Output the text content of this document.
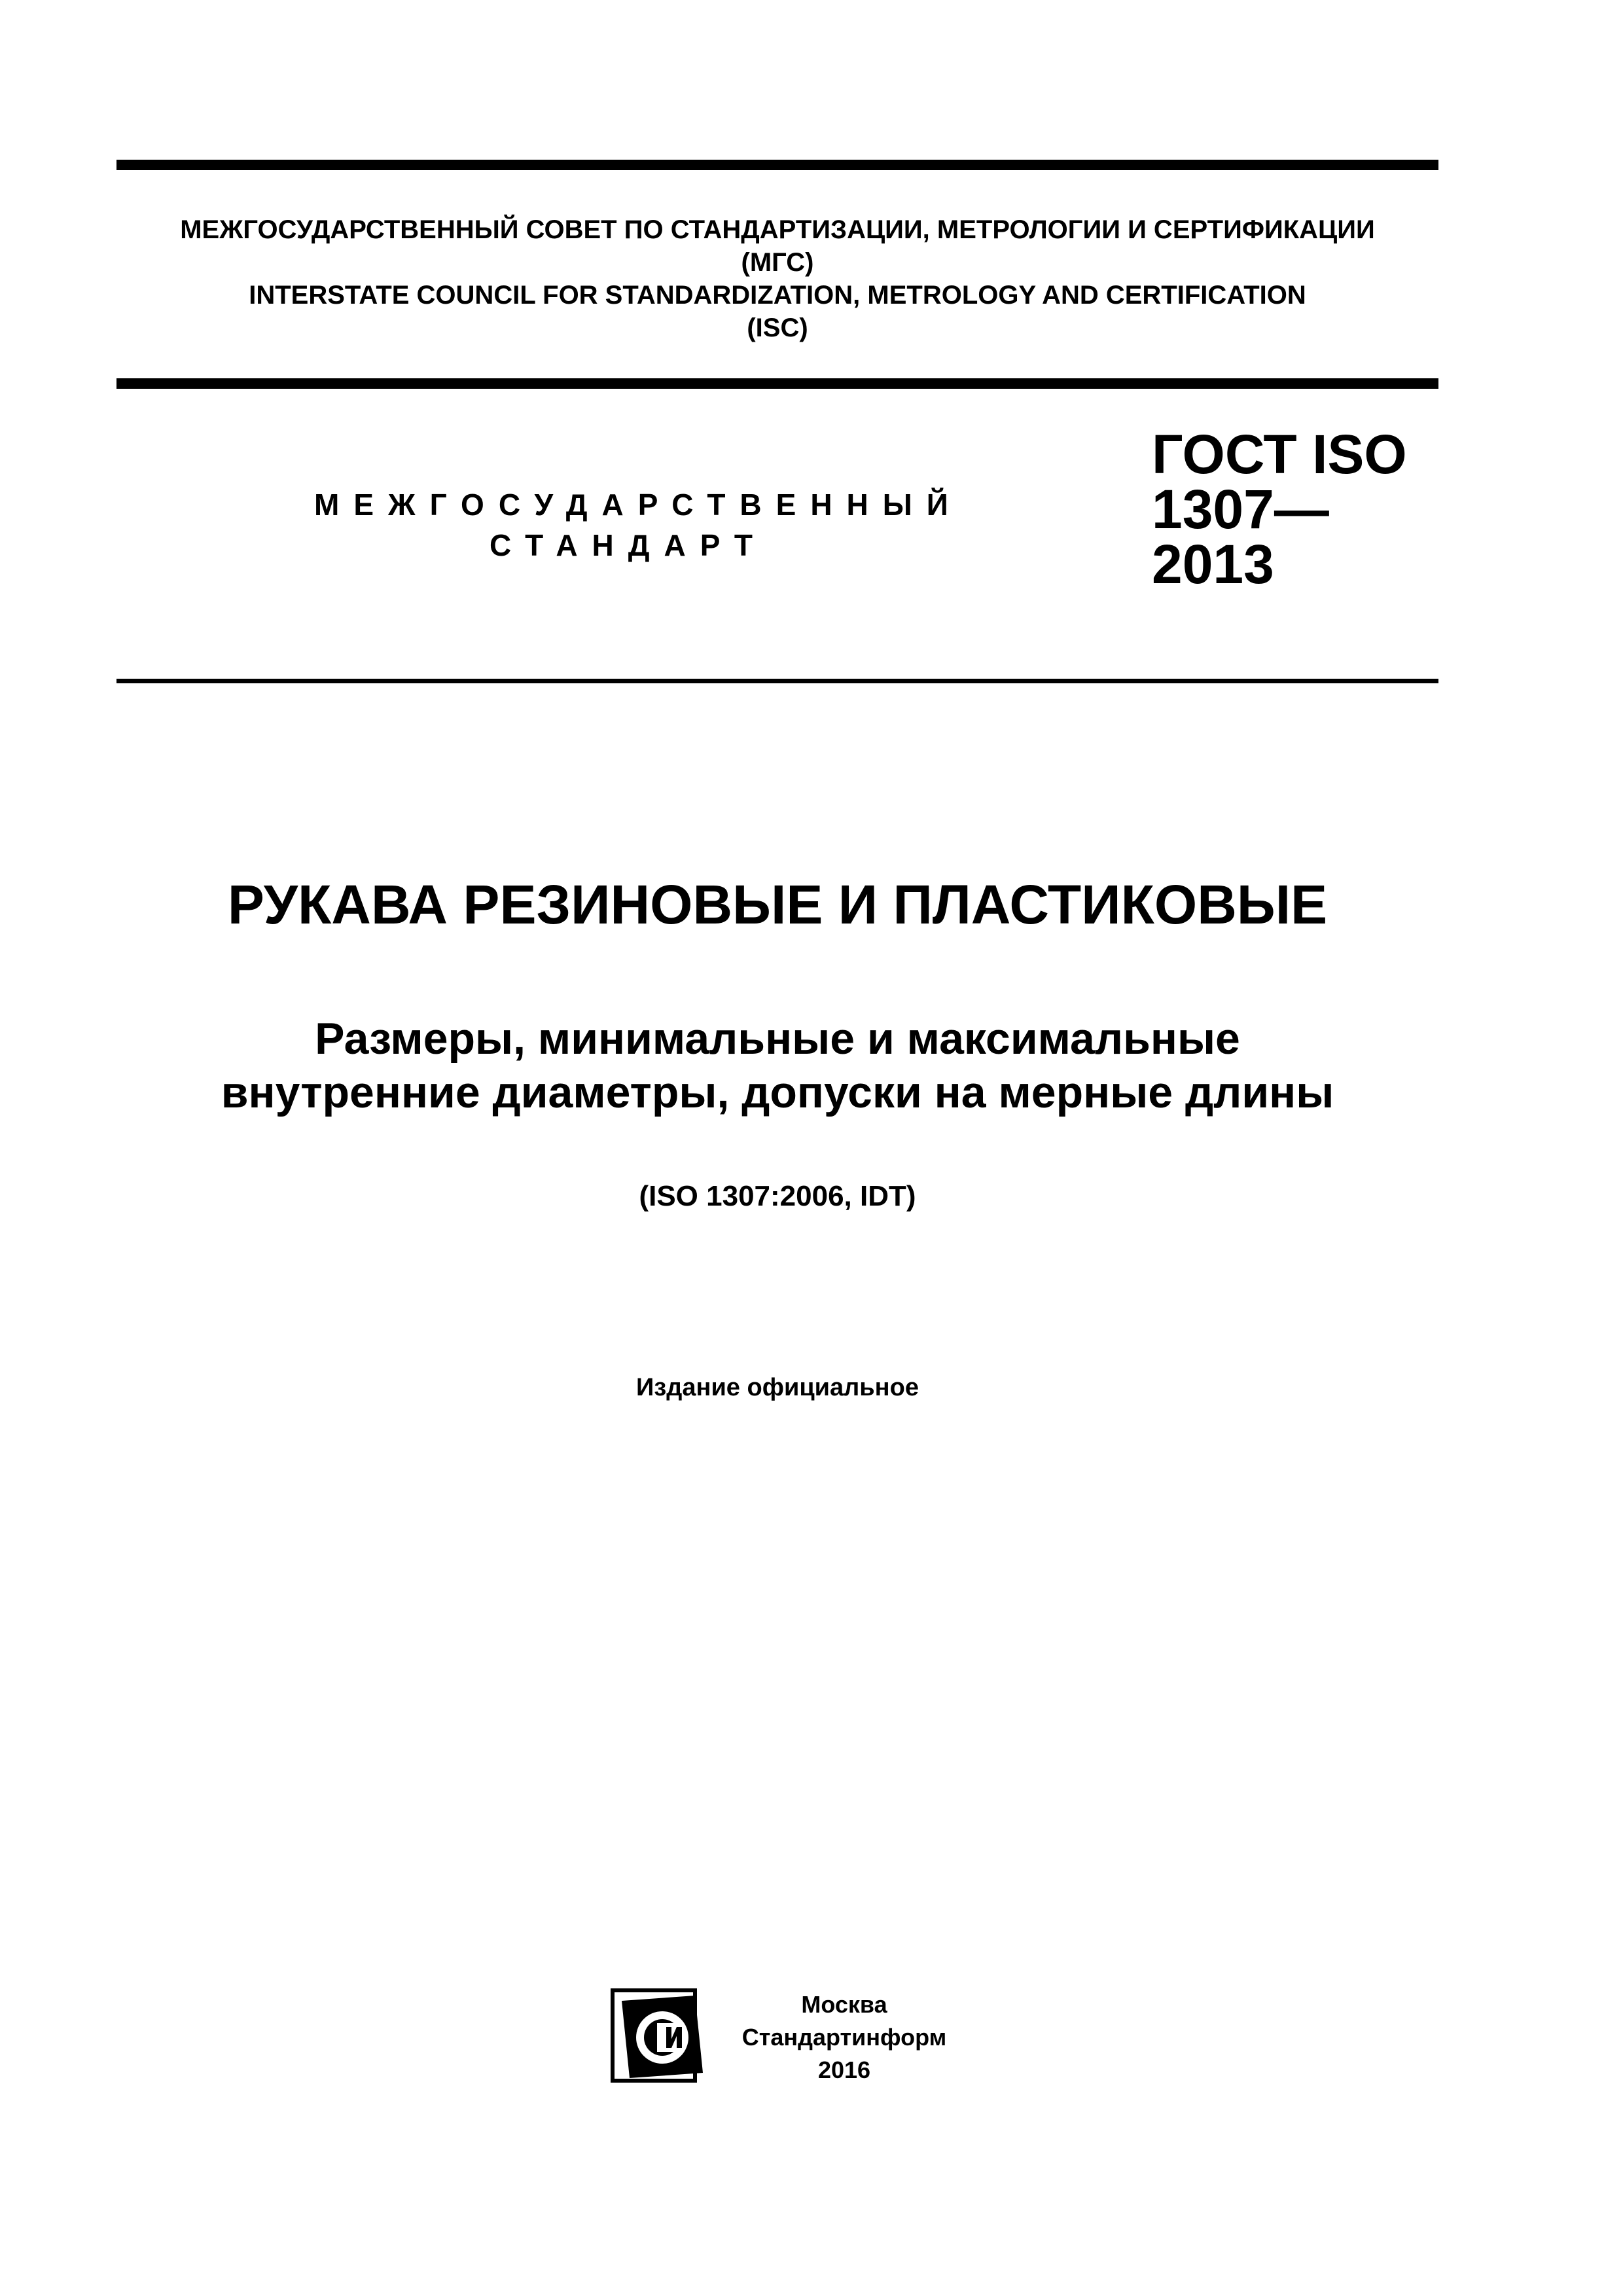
МЕЖГОСУДАРСТВЕННЫЙ СОВЕТ ПО СТАНДАРТИЗАЦИИ, МЕТРОЛОГИИ И СЕРТИФИКАЦИИ
(МГС)
INTERSTATE COUNCIL FOR STANDARDIZATION, METROLOGY AND CERTIFICATION
(ISC)
МЕЖГОСУДАРСТВЕННЫЙ
СТАНДАРТ
ГОСТ ISO
1307—
2013
РУКАВА РЕЗИНОВЫЕ И ПЛАСТИКОВЫЕ
Размеры, минимальные и максимальные
внутренние диаметры, допуски на мерные длины
(ISO 1307:2006, IDT)
Издание официальное
Москва
Стандартинформ
2016
